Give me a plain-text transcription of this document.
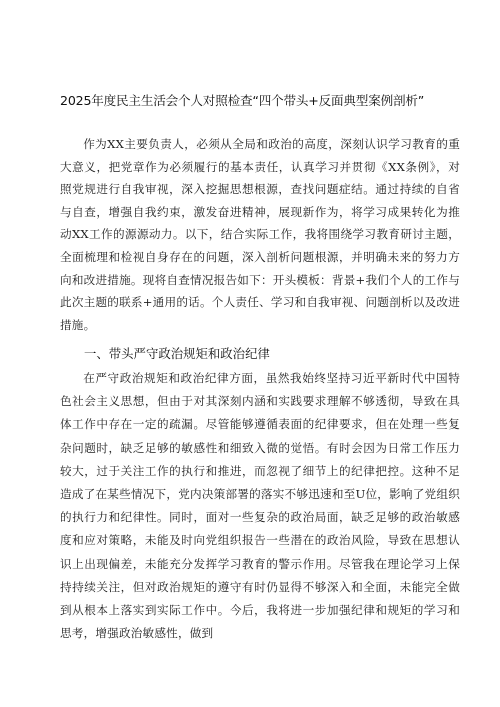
2025年度民主生活会个人对照检查“四个带头+反面典型案例剖析”

作为XX主要负责人，必须从全局和政治的高度，深刻认识学习教育的重大意义，把党章作为必须履行的基本责任，认真学习并贯彻《XX条例》，对照党规进行自我审视，深入挖掘思想根源，查找问题症结。通过持续的自省与自查，增强自我约束，激发奋进精神，展现新作为，将学习成果转化为推动XX工作的源源动力。以下，结合实际工作，我将围绕学习教育研讨主题，全面梳理和检视自身存在的问题，深入剖析问题根源，并明确未来的努力方向和改进措施。现将自查情况报告如下：开头模板：背景+我们个人的工作与此次主题的联系+通用的话。个人责任、学习和自我审视、问题剖析以及改进措施。

一、带头严守政治规矩和政治纪律

在严守政治规矩和政治纪律方面，虽然我始终坚持习近平新时代中国特色社会主义思想，但由于对其深刻内涵和实践要求理解不够透彻，导致在具体工作中存在一定的疏漏。尽管能够遵循表面的纪律要求，但在处理一些复杂问题时，缺乏足够的敏感性和细致入微的觉悟。有时会因为日常工作压力较大，过于关注工作的执行和推进，而忽视了细节上的纪律把控。这种不足造成了在某些情况下，党内决策部署的落实不够迅速和至U位，影响了党组织的执行力和纪律性。同时，面对一些复杂的政治局面，缺乏足够的政治敏感度和应对策略，未能及时向党组织报告一些潜在的政治风险，导致在思想认识上出现偏差，未能充分发挥学习教育的警示作用。尽管我在理论学习上保持持续关注，但对政治规矩的遵守有时仍显得不够深入和全面，未能完全做到从根本上落实到实际工作中。今后，我将进一步加强纪律和规矩的学习和思考，增强政治敏感性，做到
